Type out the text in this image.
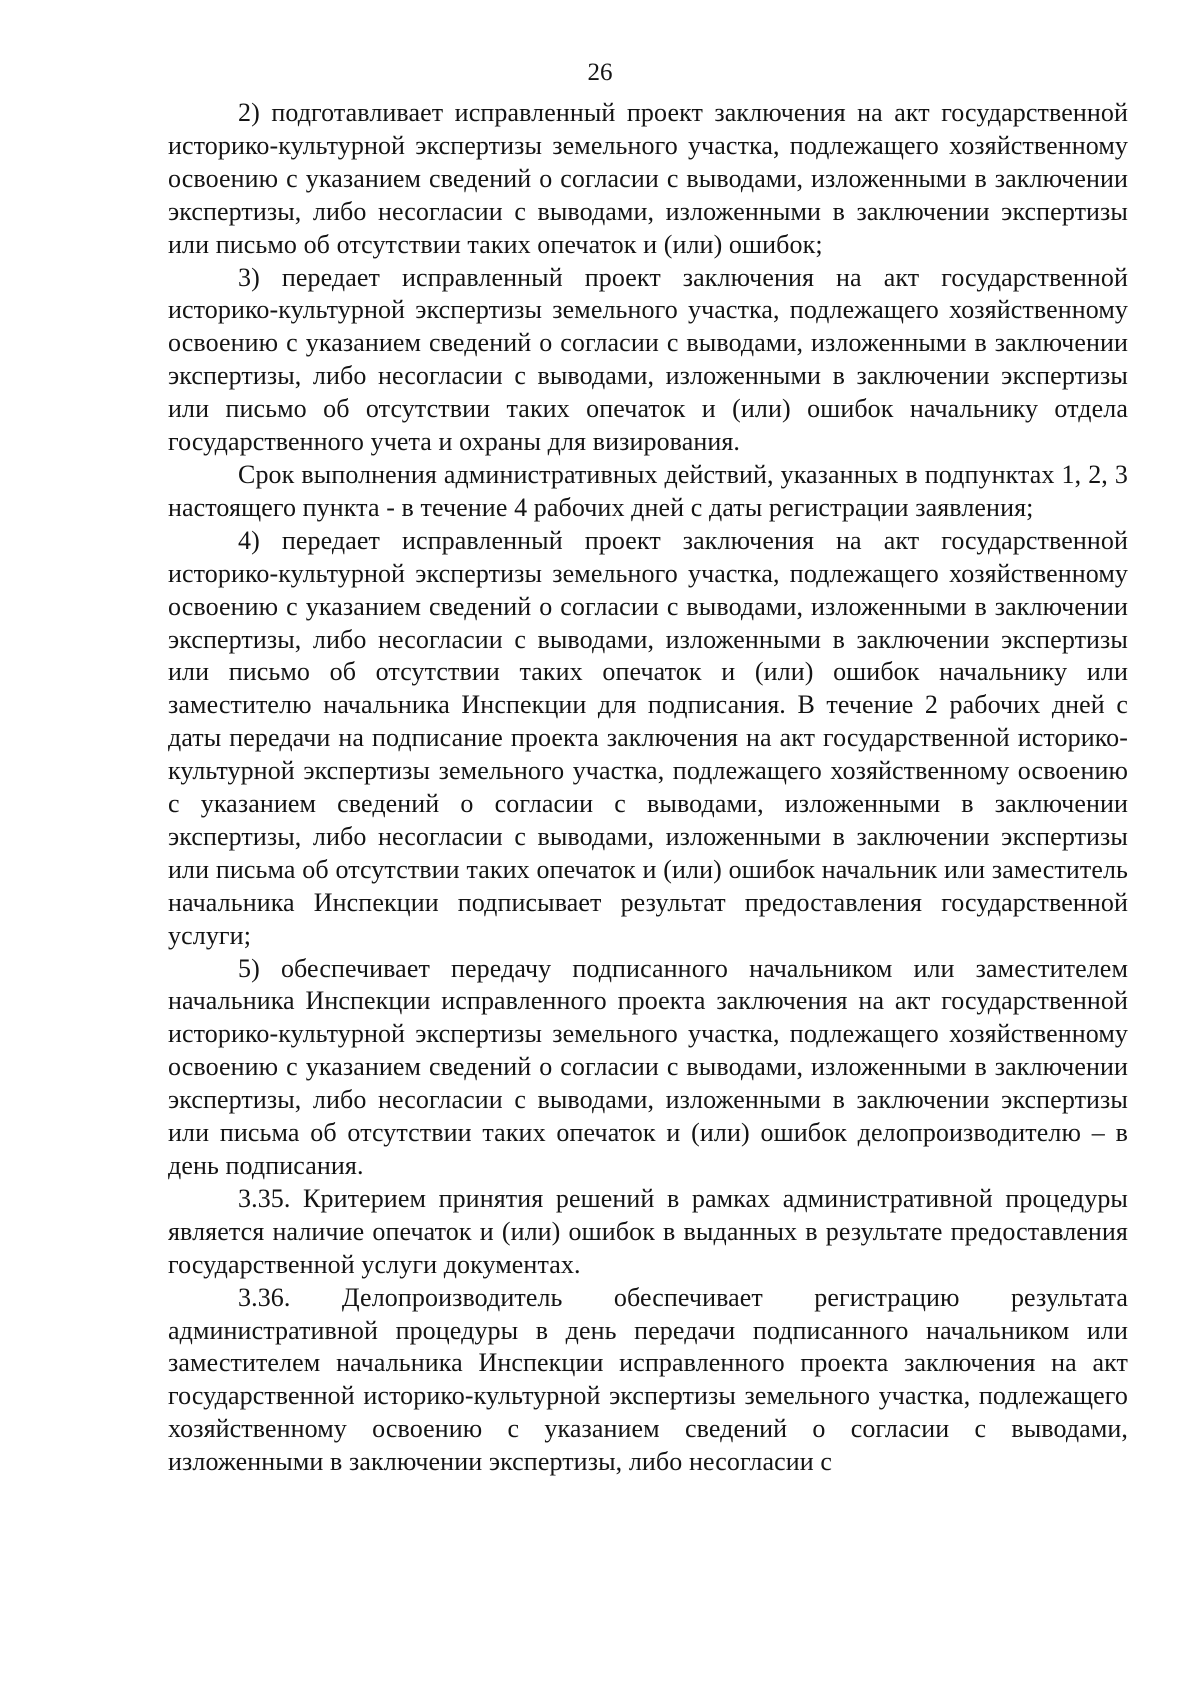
26

2) подготавливает исправленный проект заключения на акт государственной историко-культурной экспертизы земельного участка, подлежащего хозяйственному освоению с указанием сведений о согласии с выводами, изложенными в заключении экспертизы, либо несогласии с выводами, изложенными в заключении экспертизы или письмо об отсутствии таких опечаток и (или) ошибок;

3) передает исправленный проект заключения на акт государственной историко-культурной экспертизы земельного участка, подлежащего хозяйственному освоению с указанием сведений о согласии с выводами, изложенными в заключении экспертизы, либо несогласии с выводами, изложенными в заключении экспертизы или письмо об отсутствии таких опечаток и (или) ошибок начальнику отдела государственного учета и охраны для визирования.

Срок выполнения административных действий, указанных в подпунктах 1, 2, 3 настоящего пункта - в течение 4 рабочих дней с даты регистрации заявления;

4) передает исправленный проект заключения на акт государственной историко-культурной экспертизы земельного участка, подлежащего хозяйственному освоению с указанием сведений о согласии с выводами, изложенными в заключении экспертизы, либо несогласии с выводами, изложенными в заключении экспертизы или письмо об отсутствии таких опечаток и (или) ошибок начальнику или заместителю начальника Инспекции для подписания. В течение 2 рабочих дней с даты передачи на подписание проекта заключения на акт государственной историко-культурной экспертизы земельного участка, подлежащего хозяйственному освоению с указанием сведений о согласии с выводами, изложенными в заключении экспертизы, либо несогласии с выводами, изложенными в заключении экспертизы или письма об отсутствии таких опечаток и (или) ошибок начальник или заместитель начальника Инспекции подписывает результат предоставления государственной услуги;

5) обеспечивает передачу подписанного начальником или заместителем начальника Инспекции исправленного проекта заключения на акт государственной историко-культурной экспертизы земельного участка, подлежащего хозяйственному освоению с указанием сведений о согласии с выводами, изложенными в заключении экспертизы, либо несогласии с выводами, изложенными в заключении экспертизы или письма об отсутствии таких опечаток и (или) ошибок делопроизводителю – в день подписания.

3.35. Критерием принятия решений в рамках административной процедуры является наличие опечаток и (или) ошибок в выданных в результате предоставления государственной услуги документах.

3.36. Делопроизводитель обеспечивает регистрацию результата административной процедуры в день передачи подписанного начальником или заместителем начальника Инспекции исправленного проекта заключения на акт государственной историко-культурной экспертизы земельного участка, подлежащего хозяйственному освоению с указанием сведений о согласии с выводами, изложенными в заключении экспертизы, либо несогласии с
